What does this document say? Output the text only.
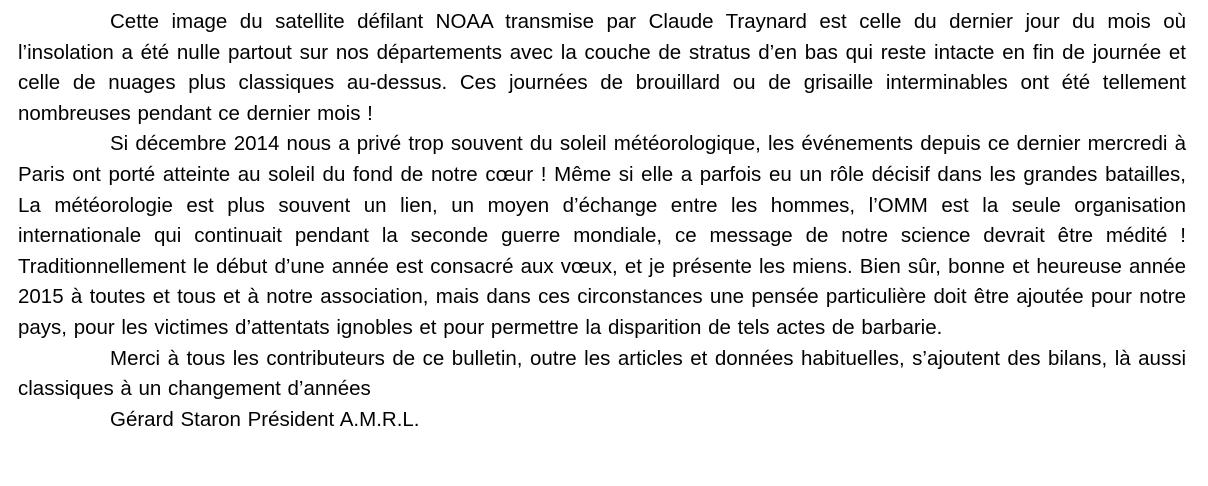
Cette image du satellite défilant NOAA transmise par Claude Traynard est celle du dernier jour du mois où l’insolation a été nulle partout sur nos départements avec la couche de stratus d’en bas qui reste intacte en fin de journée et celle de nuages plus classiques au-dessus. Ces journées de brouillard ou de grisaille interminables ont été tellement nombreuses pendant ce dernier mois !

Si décembre 2014 nous a privé trop souvent du soleil météorologique, les événements depuis ce dernier mercredi à Paris ont porté atteinte au soleil du fond de notre cœur ! Même si elle a parfois eu un rôle décisif dans les grandes batailles, La météorologie est plus souvent un lien, un moyen d’échange entre les hommes, l’OMM est la seule organisation internationale qui continuait pendant la seconde guerre mondiale, ce message de notre science devrait être médité ! Traditionnellement le début d’une année est consacré aux vœux, et je présente les miens. Bien sûr, bonne et heureuse année 2015 à toutes et tous et à notre association, mais dans ces circonstances une pensée particulière doit être ajoutée pour notre pays, pour les victimes d’attentats ignobles et pour permettre la disparition de tels actes de barbarie.

Merci à tous les contributeurs de ce bulletin, outre les articles et données habituelles, s’ajoutent des bilans, là aussi classiques à un changement d’années

Gérard Staron Président A.M.R.L.
